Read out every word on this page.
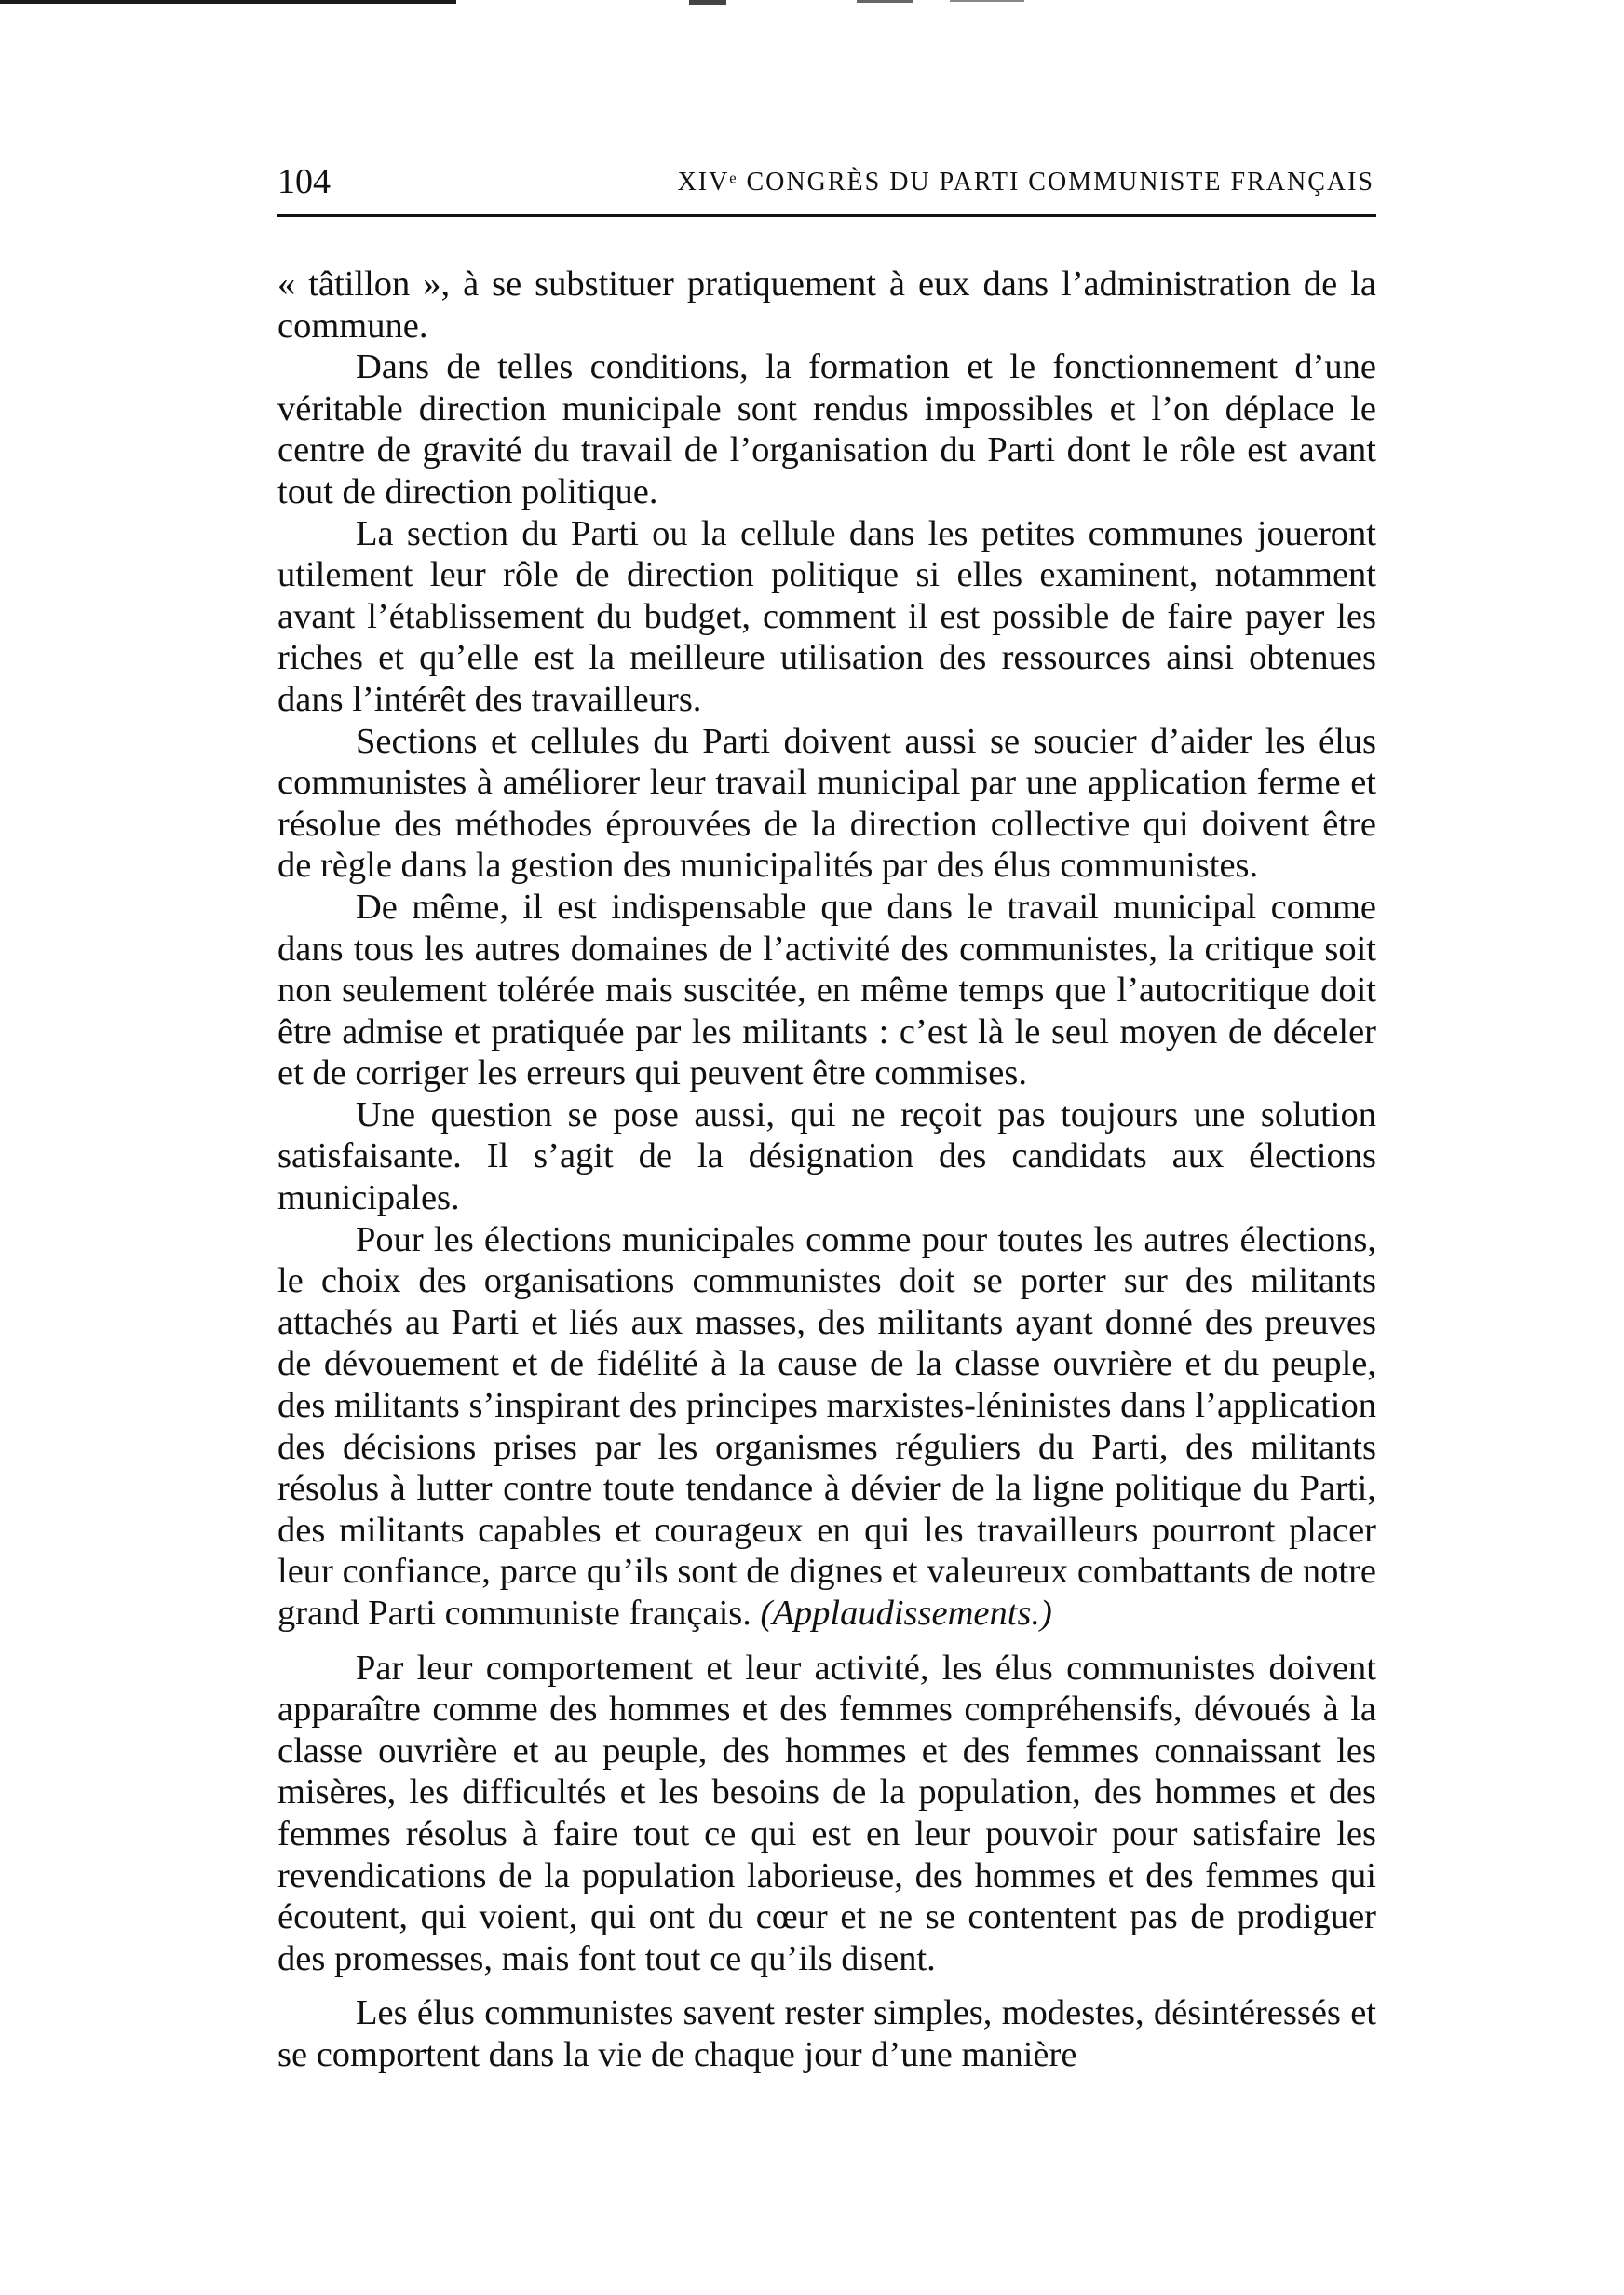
104	XIVᵉ CONGRÈS DU PARTI COMMUNISTE FRANÇAIS

« tâtillon », à se substituer pratiquement à eux dans l’administration de la commune.

Dans de telles conditions, la formation et le fonctionnement d’une véritable direction municipale sont rendus impossibles et l’on déplace le centre de gravité du travail de l’organisation du Parti dont le rôle est avant tout de direction politique.

La section du Parti ou la cellule dans les petites communes joueront utilement leur rôle de direction politique si elles examinent, notamment avant l’établissement du budget, comment il est possible de faire payer les riches et qu’elle est la meilleure utilisation des ressources ainsi obtenues dans l’intérêt des travailleurs.

Sections et cellules du Parti doivent aussi se soucier d’aider les élus communistes à améliorer leur travail municipal par une application ferme et résolue des méthodes éprouvées de la direction collective qui doivent être de règle dans la gestion des municipalités par des élus communistes.

De même, il est indispensable que dans le travail municipal comme dans tous les autres domaines de l’activité des communistes, la critique soit non seulement tolérée mais suscitée, en même temps que l’autocritique doit être admise et pratiquée par les militants : c’est là le seul moyen de déceler et de corriger les erreurs qui peuvent être commises.

Une question se pose aussi, qui ne reçoit pas toujours une solution satisfaisante. Il s’agit de la désignation des candidats aux élections municipales.

Pour les élections municipales comme pour toutes les autres élections, le choix des organisations communistes doit se porter sur des militants attachés au Parti et liés aux masses, des militants ayant donné des preuves de dévouement et de fidélité à la cause de la classe ouvrière et du peuple, des militants s’inspirant des principes marxistes-léninistes dans l’application des décisions prises par les organismes réguliers du Parti, des militants résolus à lutter contre toute tendance à dévier de la ligne politique du Parti, des militants capables et courageux en qui les travailleurs pourront placer leur confiance, parce qu’ils sont de dignes et valeureux combattants de notre grand Parti communiste français. (Applaudissements.)

Par leur comportement et leur activité, les élus communistes doivent apparaître comme des hommes et des femmes compréhensifs, dévoués à la classe ouvrière et au peuple, des hommes et des femmes connaissant les misères, les difficultés et les besoins de la population, des hommes et des femmes résolus à faire tout ce qui est en leur pouvoir pour satisfaire les revendications de la population laborieuse, des hommes et des femmes qui écoutent, qui voient, qui ont du cœur et ne se contentent pas de prodiguer des promesses, mais font tout ce qu’ils disent.

Les élus communistes savent rester simples, modestes, désintéressés et se comportent dans la vie de chaque jour d’une manière
